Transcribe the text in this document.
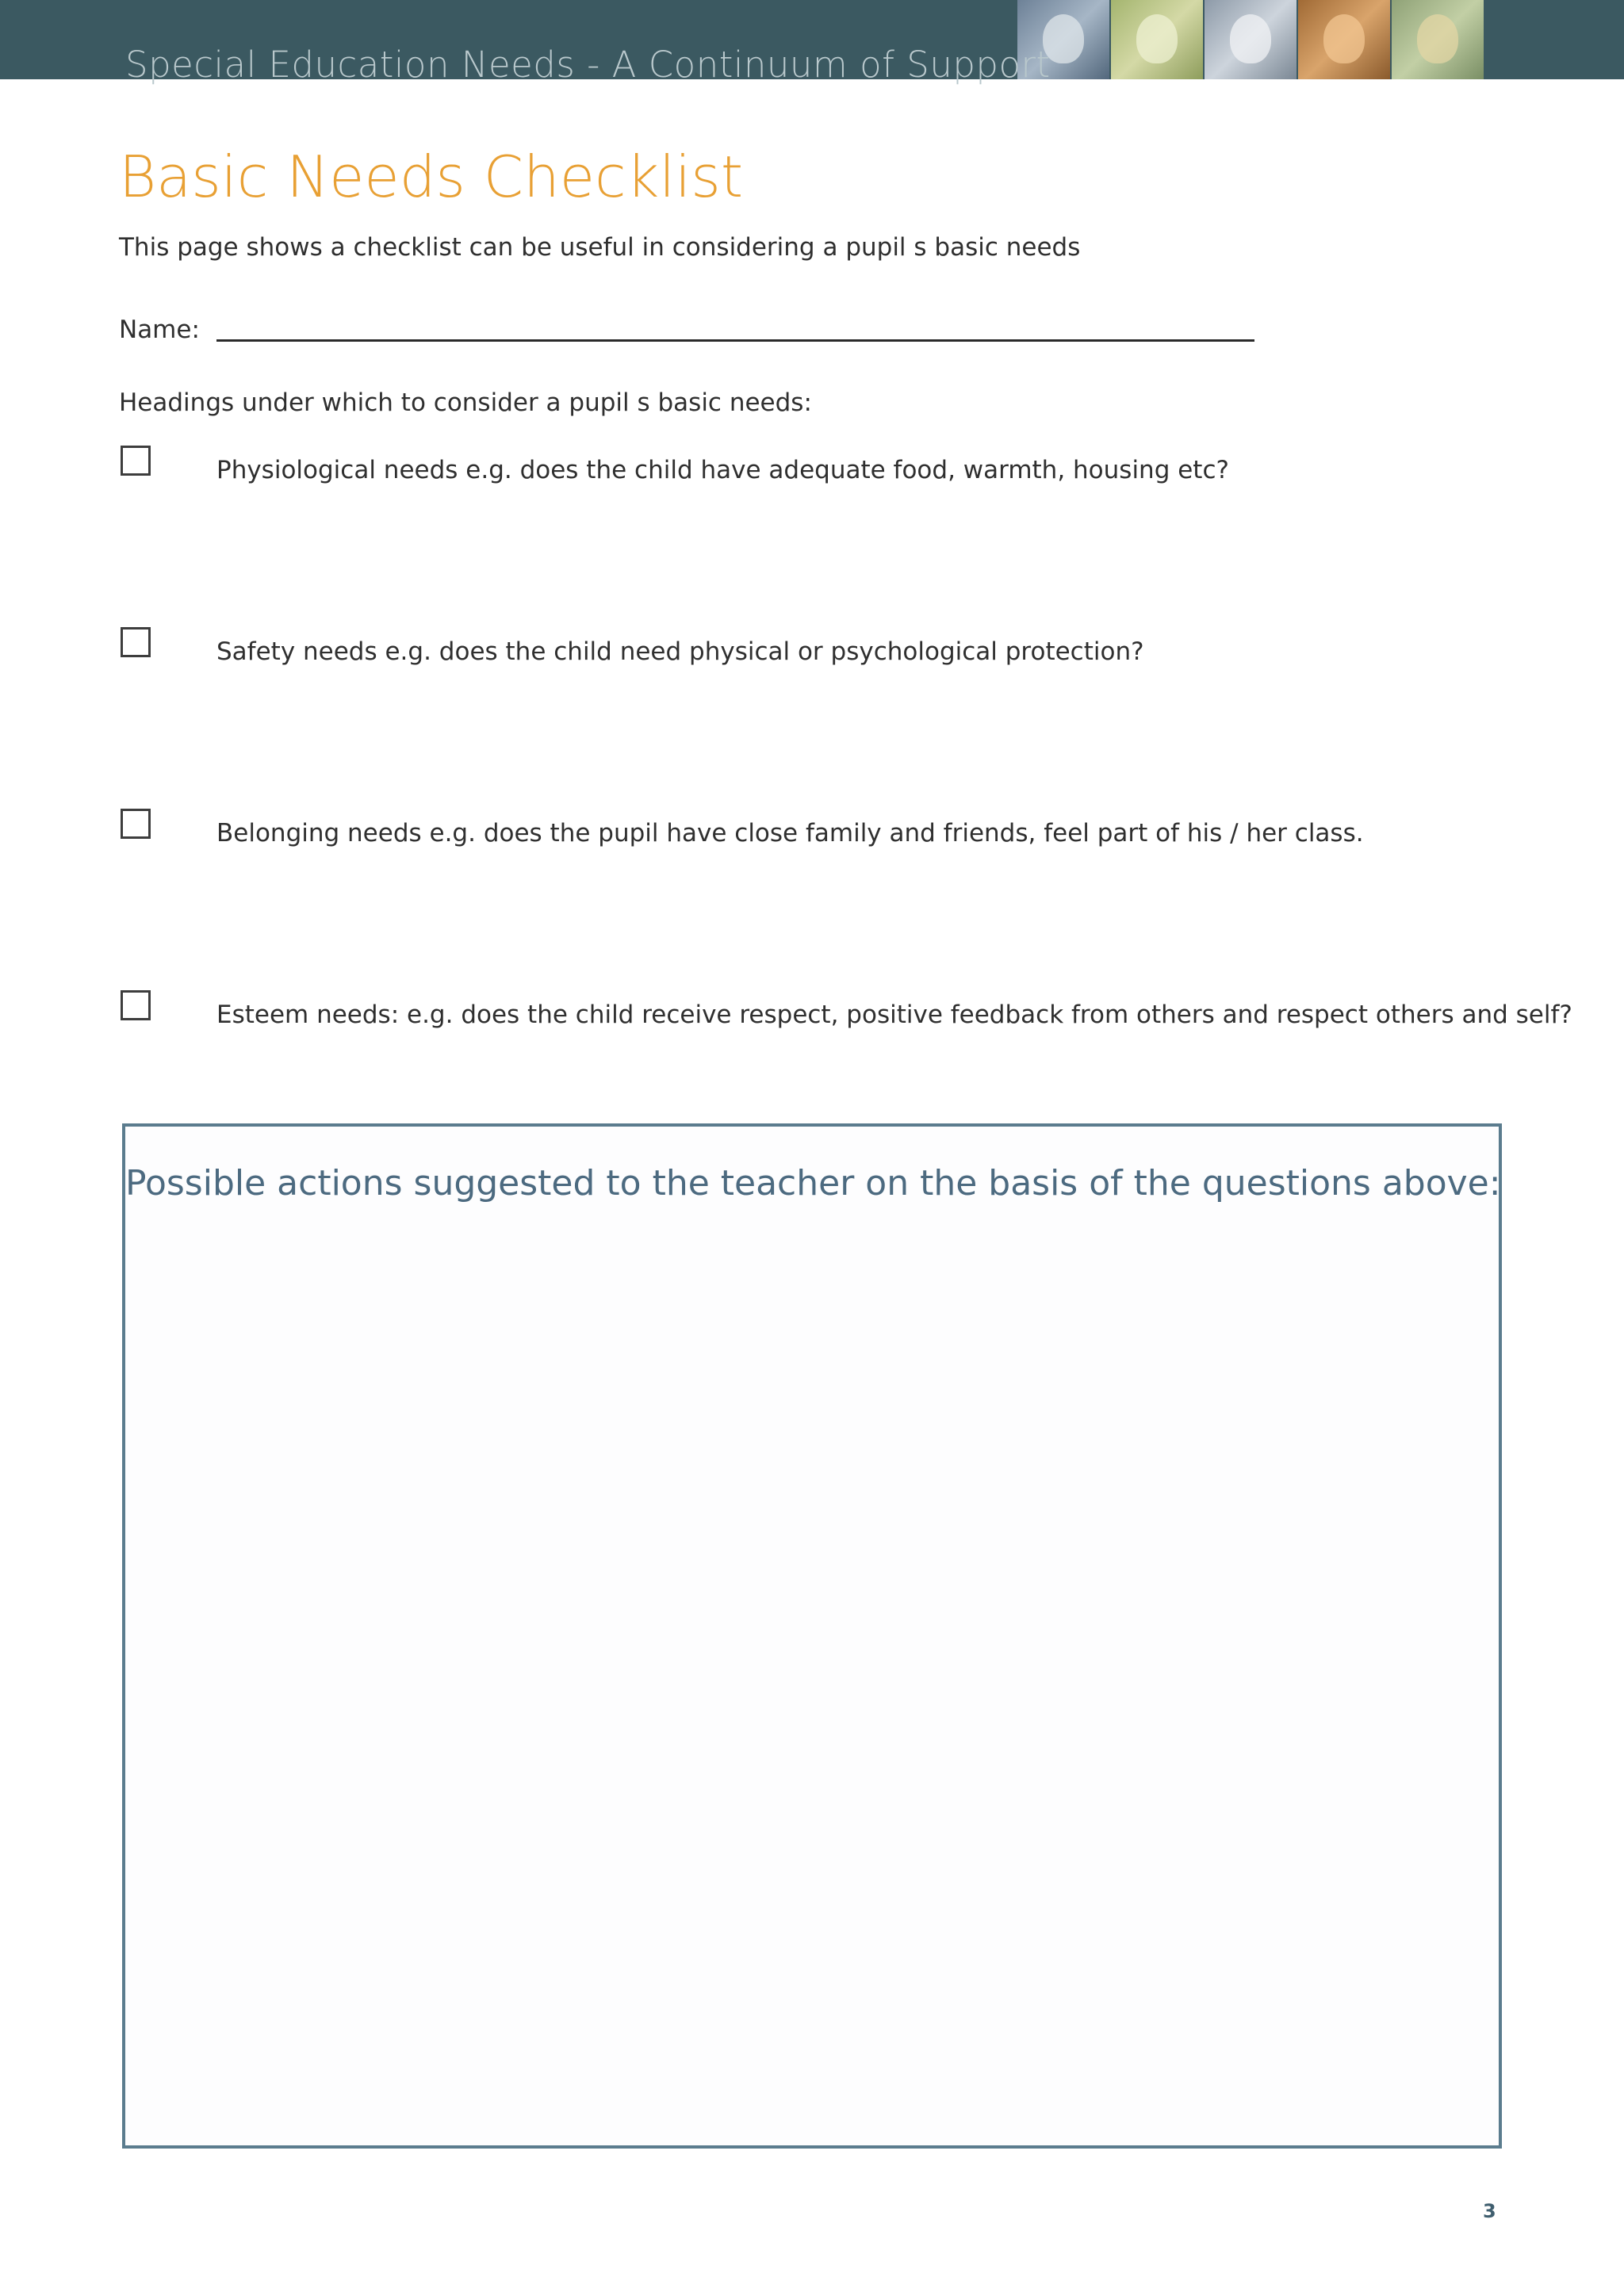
Special Education Needs - A Continuum of Support
Basic Needs Checklist
This page shows a checklist can be useful in considering a pupil s basic needs
Name:
Headings under which to consider a pupil s basic needs:
Physiological needs e.g. does the child have adequate food, warmth, housing etc?
Safety needs e.g. does the child need physical or psychological protection?
Belonging needs e.g. does the pupil have close family and friends, feel part of his / her class.
Esteem needs: e.g. does the child receive respect, positive feedback from others and respect others and self?
Possible actions suggested to the teacher on the basis of the questions above:
3
